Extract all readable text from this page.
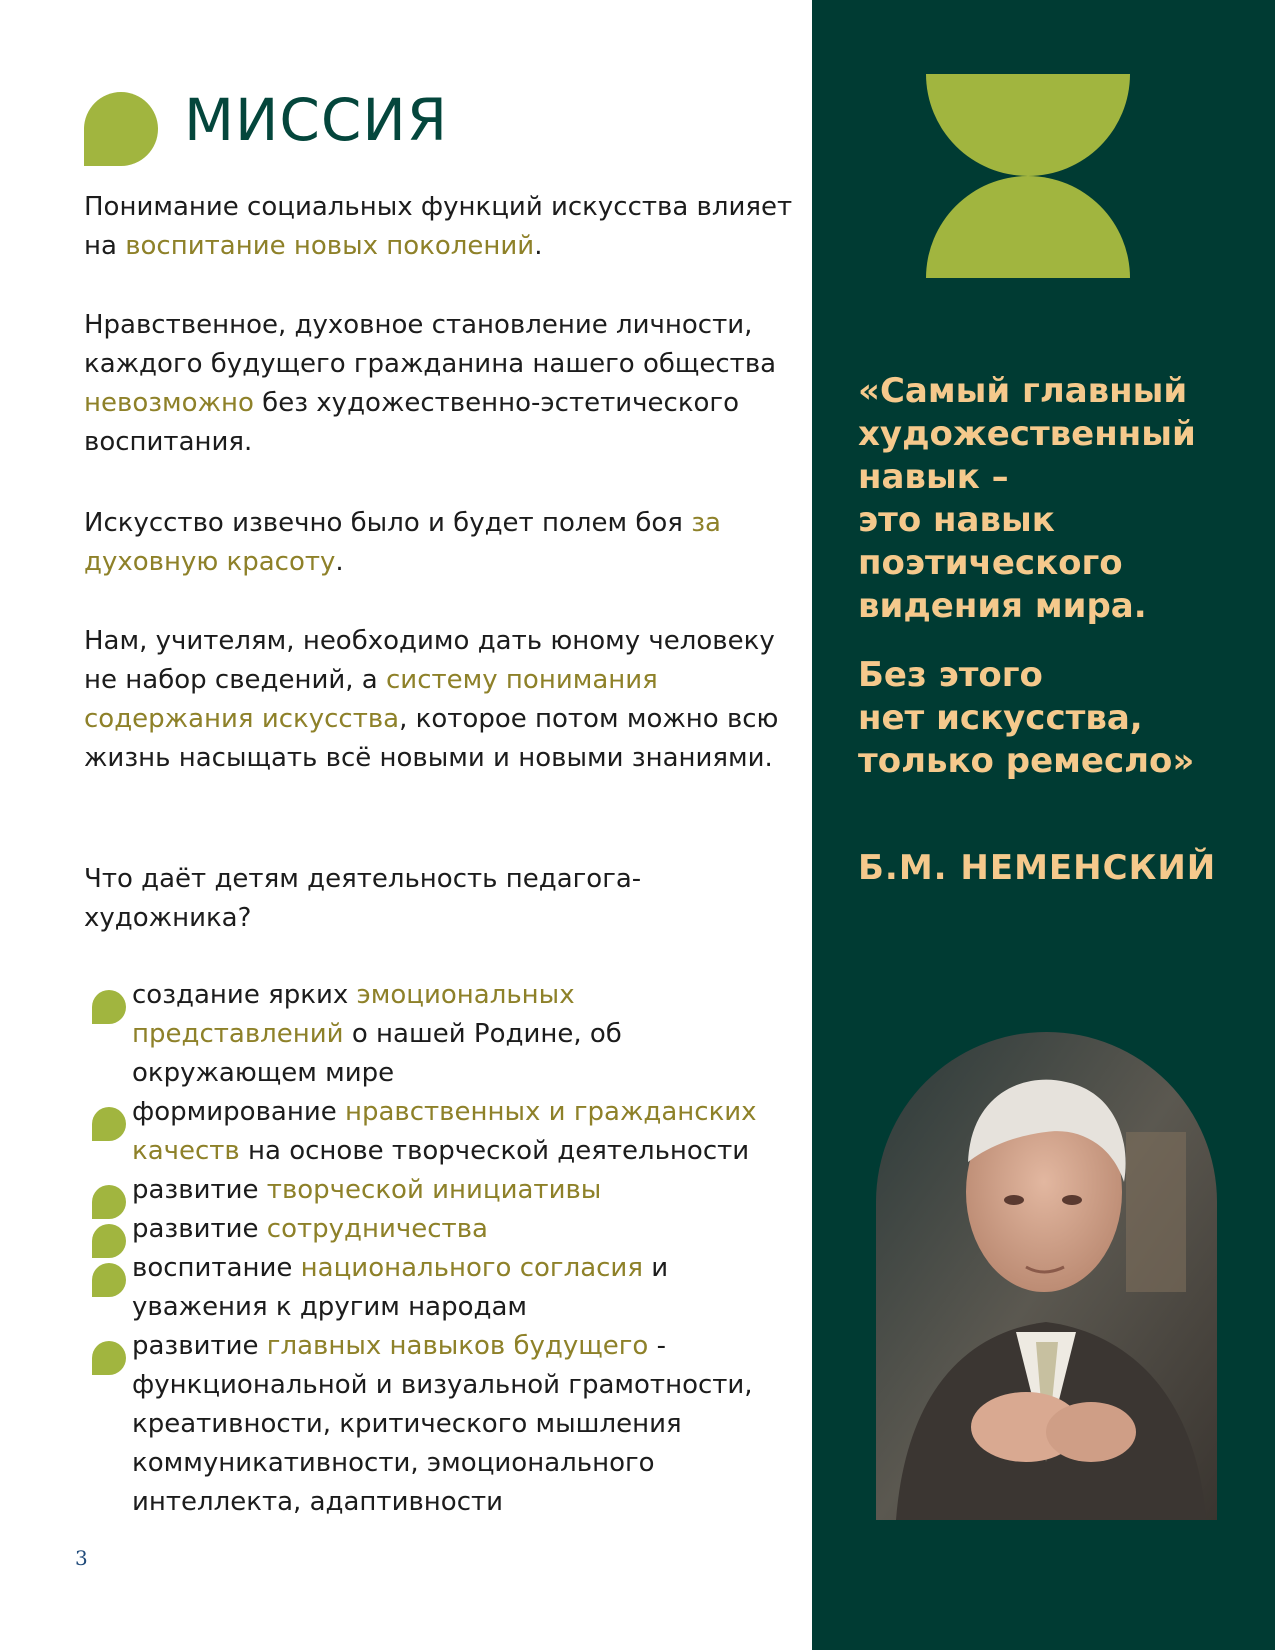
МИССИЯ

Понимание социальных функций искусства влияет на воспитание новых поколений.

Нравственное, духовное становление личности, каждого будущего гражданина нашего общества невозможно без художественно-эстетического воспитания.

Искусство извечно было и будет полем боя за духовную красоту.

Нам, учителям, необходимо дать юному человеку не набор сведений, а системy понимания содержания искусства, которое потом можно всю жизнь насыщать всё новыми и новыми знаниями.

Что даёт детям деятельность педагога-художника?

создание ярких эмоциональных представлений о нашей Родине, об окружающем мире
формирование нравственных и гражданских качеств на основе творческой деятельности
развитие творческой инициативы
развитие сотрудничества
воспитание национального согласия и уважения к другим народам
развитие главных навыков будущего - функциональной и визуальной грамотности, креативности, критического мышления коммуникативности, эмоционального интеллекта, адаптивности
3
«Самый главный
художественный
навык –
это навык
поэтического
видения мира.
Без этого
нет искусства,
только ремесло»
Б.М. НЕМЕНСКИЙ
